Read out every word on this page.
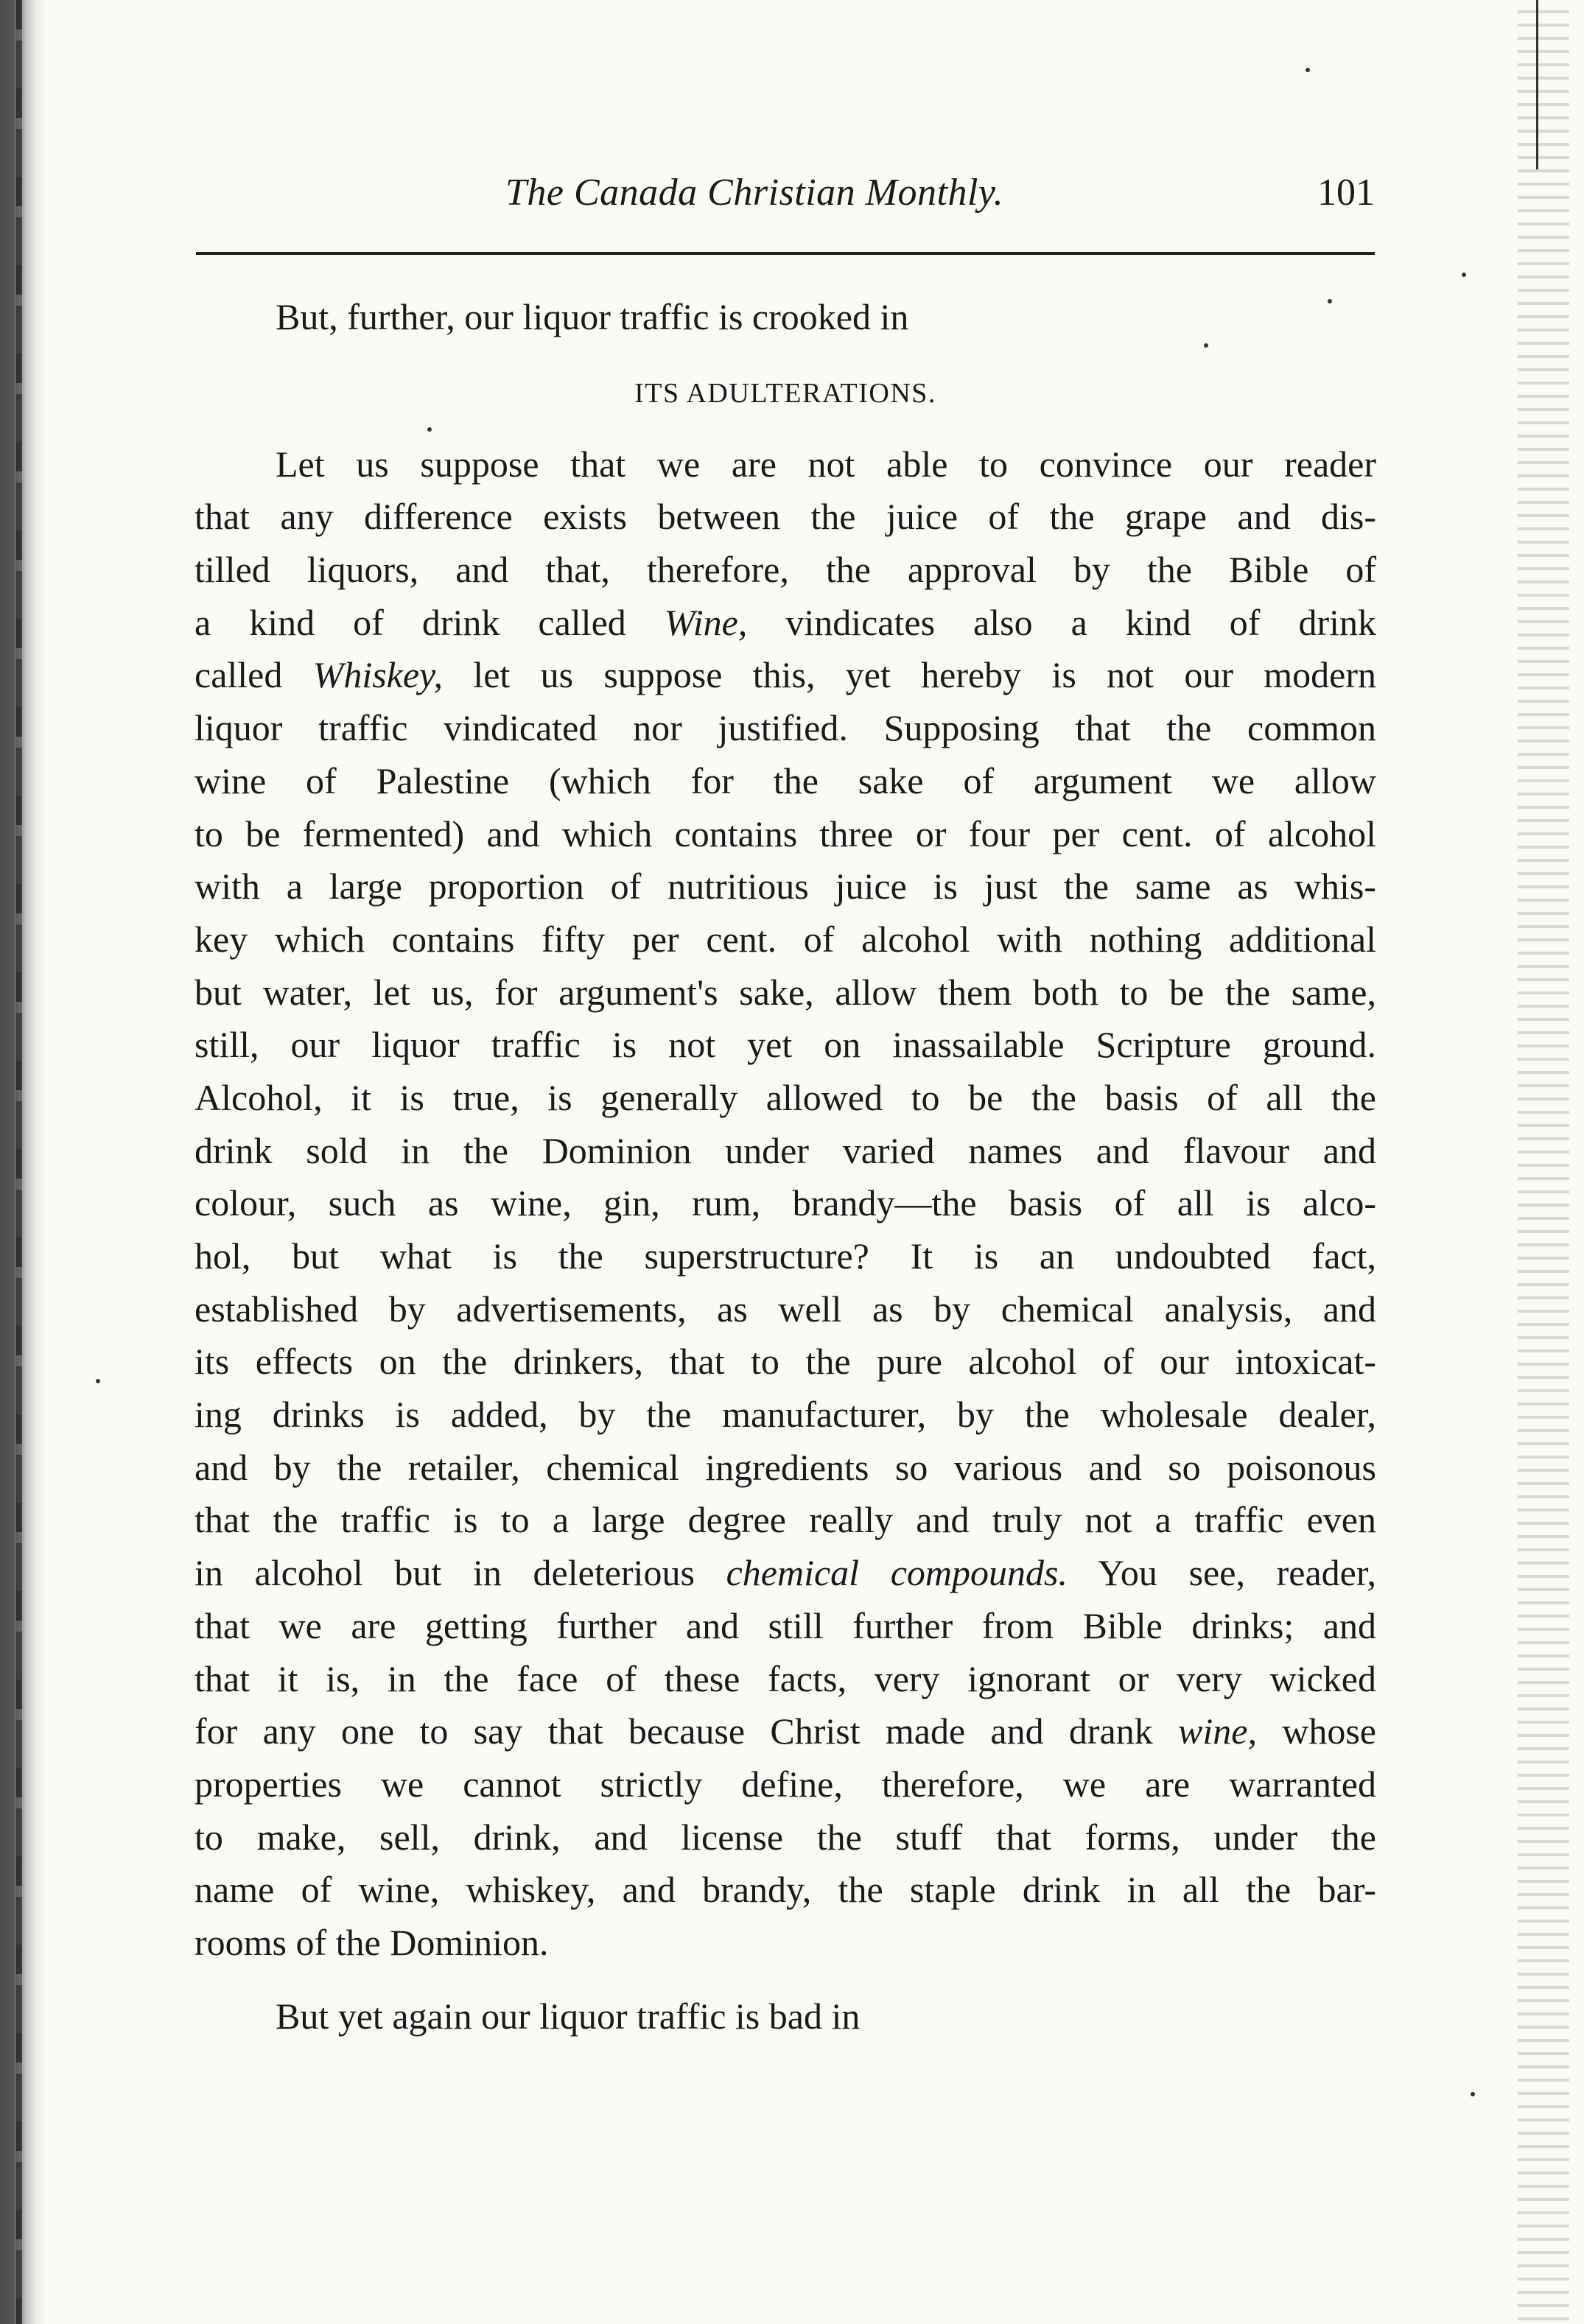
The Canada Christian Monthly.	101
But, further, our liquor traffic is crooked in
ITS ADULTERATIONS.
Let us suppose that we are not able to convince our reader
that any difference exists between the juice of the grape and dis-
tilled liquors, and that, therefore, the approval by the Bible of
a kind of drink called Wine, vindicates also a kind of drink
called Whiskey, let us suppose this, yet hereby is not our modern
liquor traffic vindicated nor justified. Supposing that the common
wine of Palestine (which for the sake of argument we allow
to be fermented) and which contains three or four per cent. of alcohol
with a large proportion of nutritious juice is just the same as whis-
key which contains fifty per cent. of alcohol with nothing additional
but water, let us, for argument's sake, allow them both to be the same,
still, our liquor traffic is not yet on inassailable Scripture ground.
Alcohol, it is true, is generally allowed to be the basis of all the
drink sold in the Dominion under varied names and flavour and
colour, such as wine, gin, rum, brandy—the basis of all is alco-
hol, but what is the superstructure? It is an undoubted fact,
established by advertisements, as well as by chemical analysis, and
its effects on the drinkers, that to the pure alcohol of our intoxicat-
ing drinks is added, by the manufacturer, by the wholesale dealer,
and by the retailer, chemical ingredients so various and so poisonous
that the traffic is to a large degree really and truly not a traffic even
in alcohol but in deleterious chemical compounds. You see, reader,
that we are getting further and still further from Bible drinks; and
that it is, in the face of these facts, very ignorant or very wicked
for any one to say that because Christ made and drank wine, whose
properties we cannot strictly define, therefore, we are warranted
to make, sell, drink, and license the stuff that forms, under the
name of wine, whiskey, and brandy, the staple drink in all the bar-
rooms of the Dominion.
But yet again our liquor traffic is bad in
